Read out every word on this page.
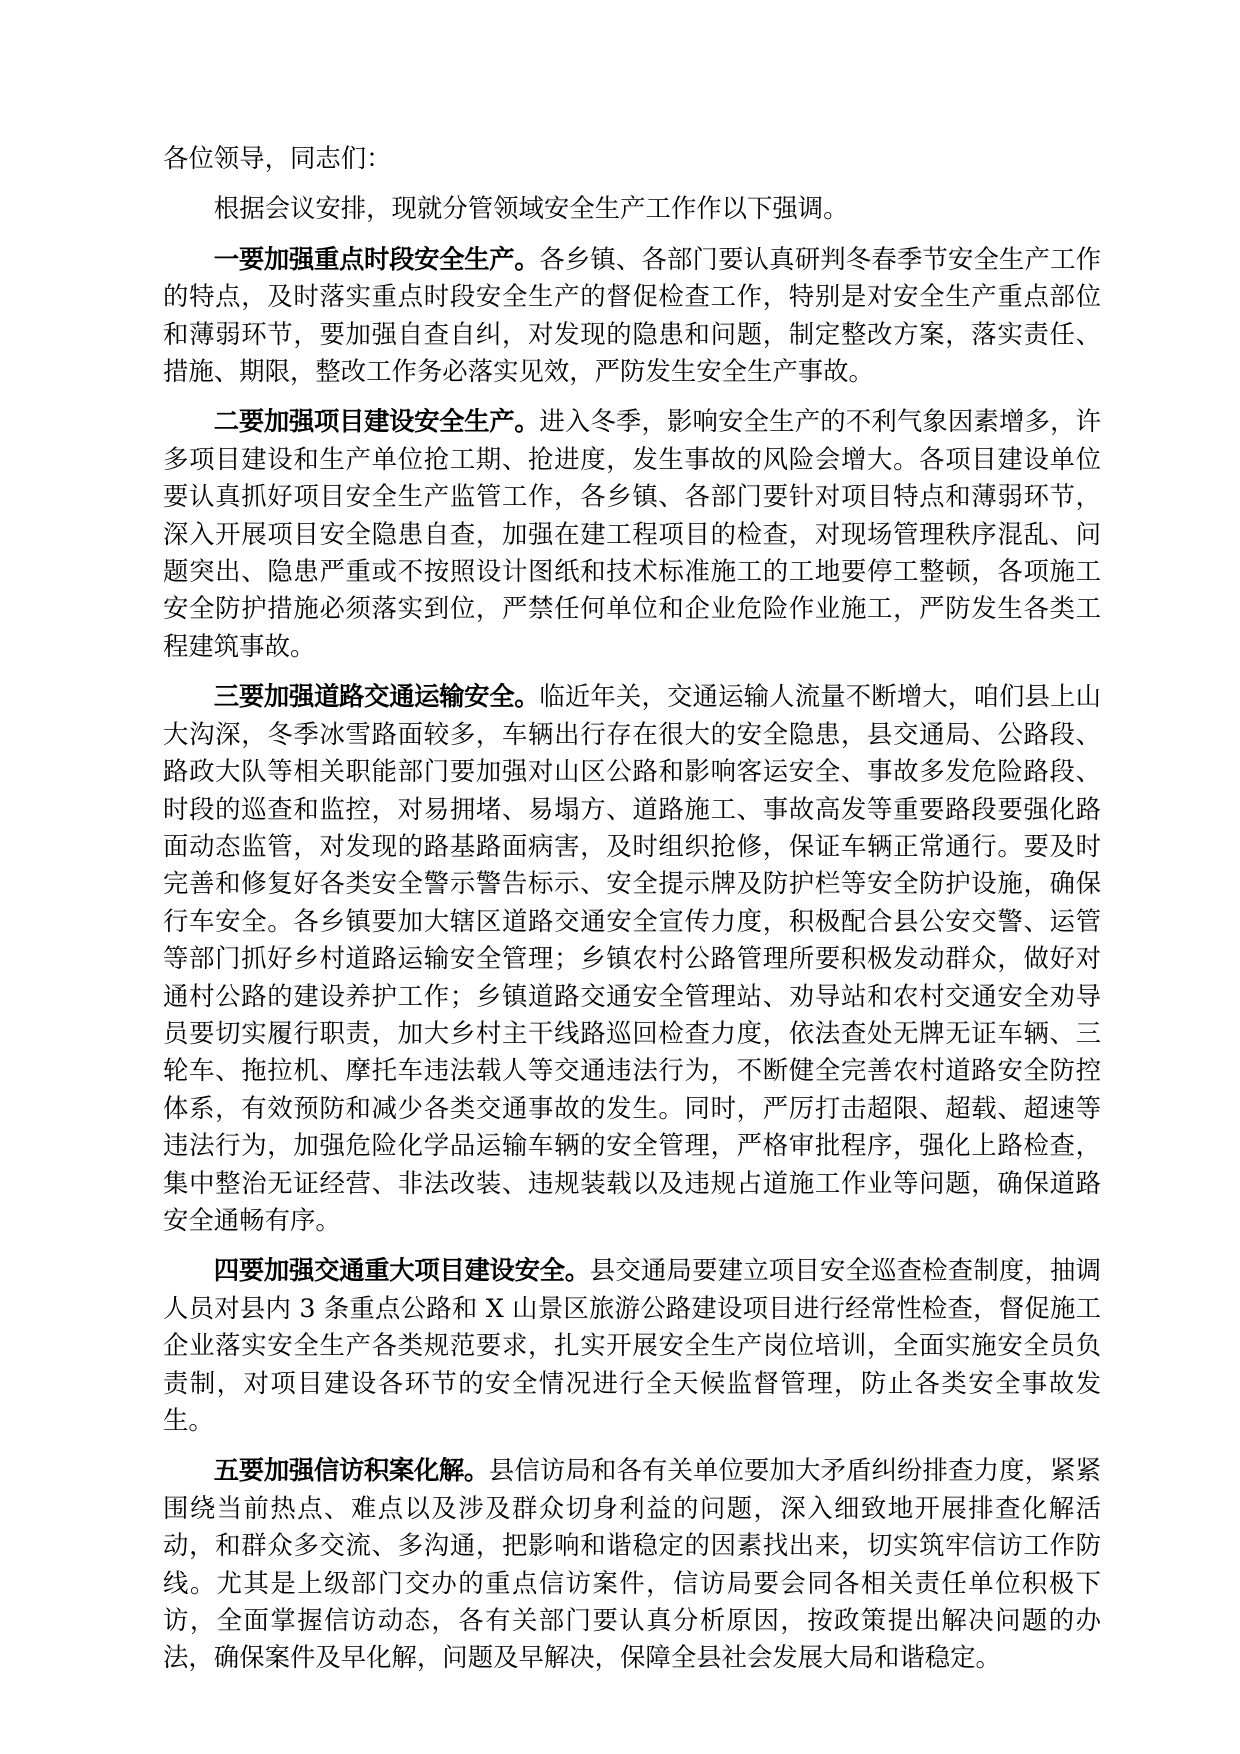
各位领导，同志们：

根据会议安排，现就分管领域安全生产工作作以下强调。

一要加强重点时段安全生产。各乡镇、各部门要认真研判冬春季节安全生产工作的特点，及时落实重点时段安全生产的督促检查工作，特别是对安全生产重点部位和薄弱环节，要加强自查自纠，对发现的隐患和问题，制定整改方案，落实责任、措施、期限，整改工作务必落实见效，严防发生安全生产事故。

二要加强项目建设安全生产。进入冬季，影响安全生产的不利气象因素增多，许多项目建设和生产单位抢工期、抢进度，发生事故的风险会增大。各项目建设单位要认真抓好项目安全生产监管工作，各乡镇、各部门要针对项目特点和薄弱环节，深入开展项目安全隐患自查，加强在建工程项目的检查，对现场管理秩序混乱、问题突出、隐患严重或不按照设计图纸和技术标准施工的工地要停工整顿，各项施工安全防护措施必须落实到位，严禁任何单位和企业危险作业施工，严防发生各类工程建筑事故。

三要加强道路交通运输安全。临近年关，交通运输人流量不断增大，咱们县上山大沟深，冬季冰雪路面较多，车辆出行存在很大的安全隐患，县交通局、公路段、路政大队等相关职能部门要加强对山区公路和影响客运安全、事故多发危险路段、时段的巡查和监控，对易拥堵、易塌方、道路施工、事故高发等重要路段要强化路面动态监管，对发现的路基路面病害，及时组织抢修，保证车辆正常通行。要及时完善和修复好各类安全警示警告标示、安全提示牌及防护栏等安全防护设施，确保行车安全。各乡镇要加大辖区道路交通安全宣传力度，积极配合县公安交警、运管等部门抓好乡村道路运输安全管理；乡镇农村公路管理所要积极发动群众，做好对通村公路的建设养护工作；乡镇道路交通安全管理站、劝导站和农村交通安全劝导员要切实履行职责，加大乡村主干线路巡回检查力度，依法查处无牌无证车辆、三轮车、拖拉机、摩托车违法载人等交通违法行为，不断健全完善农村道路安全防控体系，有效预防和减少各类交通事故的发生。同时，严厉打击超限、超载、超速等违法行为，加强危险化学品运输车辆的安全管理，严格审批程序，强化上路检查，集中整治无证经营、非法改装、违规装载以及违规占道施工作业等问题，确保道路安全通畅有序。

四要加强交通重大项目建设安全。县交通局要建立项目安全巡查检查制度，抽调人员对县内 3 条重点公路和 X 山景区旅游公路建设项目进行经常性检查，督促施工企业落实安全生产各类规范要求，扎实开展安全生产岗位培训，全面实施安全员负责制，对项目建设各环节的安全情况进行全天候监督管理，防止各类安全事故发生。

五要加强信访积案化解。县信访局和各有关单位要加大矛盾纠纷排查力度，紧紧围绕当前热点、难点以及涉及群众切身利益的问题，深入细致地开展排查化解活动，和群众多交流、多沟通，把影响和谐稳定的因素找出来，切实筑牢信访工作防线。尤其是上级部门交办的重点信访案件，信访局要会同各相关责任单位积极下访，全面掌握信访动态，各有关部门要认真分析原因，按政策提出解决问题的办法，确保案件及早化解，问题及早解决，保障全县社会发展大局和谐稳定。
